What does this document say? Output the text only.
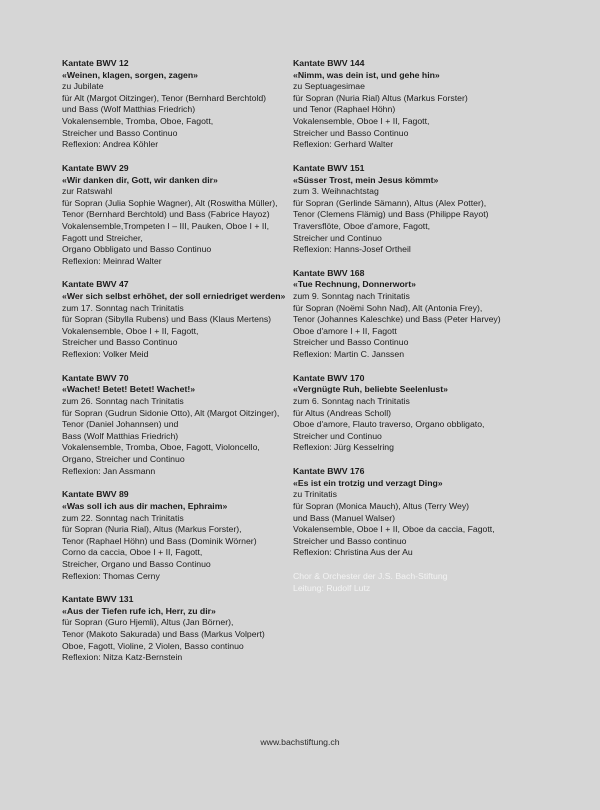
Kantate BWV 12
«Weinen, klagen, sorgen, zagen»
zu Jubilate
für Alt (Margot Oitzinger), Tenor (Bernhard Berchtold)
und Bass (Wolf Matthias Friedrich)
Vokalensemble, Tromba, Oboe, Fagott,
Streicher und Basso Continuo
Reflexion: Andrea Köhler
Kantate BWV 29
«Wir danken dir, Gott, wir danken dir»
zur Ratswahl
für Sopran (Julia Sophie Wagner), Alt (Roswitha Müller),
Tenor (Bernhard Berchtold) und Bass (Fabrice Hayoz)
Vokalensemble,Trompeten I – III, Pauken, Oboe I + II,
Fagott und Streicher,
Organo Obbligato und Basso Continuo
Reflexion: Meinrad Walter
Kantate BWV 47
«Wer sich selbst erhöhet, der soll erniedriget werden»
zum 17. Sonntag nach Trinitatis
für Sopran (Sibylla Rubens) und Bass (Klaus Mertens)
Vokalensemble, Oboe I + II, Fagott,
Streicher und Basso Continuo
Reflexion: Volker Meid
Kantate BWV 70
«Wachet! Betet! Betet! Wachet!»
zum 26. Sonntag nach Trinitatis
für Sopran (Gudrun Sidonie Otto), Alt (Margot Oitzinger),
Tenor (Daniel Johannsen) und
Bass (Wolf Matthias Friedrich)
Vokalensemble, Tromba, Oboe, Fagott, Violoncello,
Organo, Streicher und Continuo
Reflexion: Jan Assmann
Kantate BWV 89
«Was soll ich aus dir machen, Ephraim»
zum 22. Sonntag nach Trinitatis
für Sopran (Nuria Rial), Altus (Markus Forster),
Tenor (Raphael Höhn) und Bass (Dominik Wörner)
Corno da caccia, Oboe I + II, Fagott,
Streicher, Organo und Basso Continuo
Reflexion: Thomas Cerny
Kantate BWV 131
«Aus der Tiefen rufe ich, Herr, zu dir»
für Sopran (Guro Hjemli), Altus (Jan Börner),
Tenor (Makoto Sakurada) und Bass (Markus Volpert)
Oboe, Fagott, Violine, 2 Violen, Basso continuo
Reflexion: Nitza Katz-Bernstein
Kantate BWV 144
«Nimm, was dein ist, und gehe hin»
zu Septuagesimae
für Sopran (Nuria Rial) Altus (Markus Forster)
und Tenor (Raphael Höhn)
Vokalensemble, Oboe I + II, Fagott,
Streicher und Basso Continuo
Reflexion: Gerhard Walter
Kantate BWV 151
«Süsser Trost, mein Jesus kömmt»
zum 3. Weihnachtstag
für Sopran (Gerlinde Sämann), Altus (Alex Potter),
Tenor (Clemens Flämig) und Bass (Philippe Rayot)
Traversflöte, Oboe d'amore, Fagott,
Streicher und Continuo
Reflexion: Hanns-Josef Ortheil
Kantate BWV 168
«Tue Rechnung, Donnerwort»
zum 9. Sonntag nach Trinitatis
für Sopran (Noëmi Sohn Nad), Alt (Antonia Frey),
Tenor (Johannes Kaleschke) und Bass (Peter Harvey)
Oboe d'amore I + II, Fagott
Streicher und Basso Continuo
Reflexion: Martin C. Janssen
Kantate BWV 170
«Vergnügte Ruh, beliebte Seelenlust»
zum 6. Sonntag nach Trinitatis
für Altus (Andreas Scholl)
Oboe d'amore, Flauto traverso, Organo obbligato,
Streicher und Continuo
Reflexion: Jürg Kesselring
Kantate BWV 176
«Es ist ein trotzig und verzagt Ding»
zu Trinitatis
für Sopran (Monica Mauch), Altus (Terry Wey)
und Bass (Manuel Walser)
Vokalensemble, Oboe I + II, Oboe da caccia, Fagott,
Streicher und Basso continuo
Reflexion: Christina Aus der Au
Chor & Orchester der J.S. Bach-Stiftung
Leitung: Rudolf Lutz
www.bachstiftung.ch
